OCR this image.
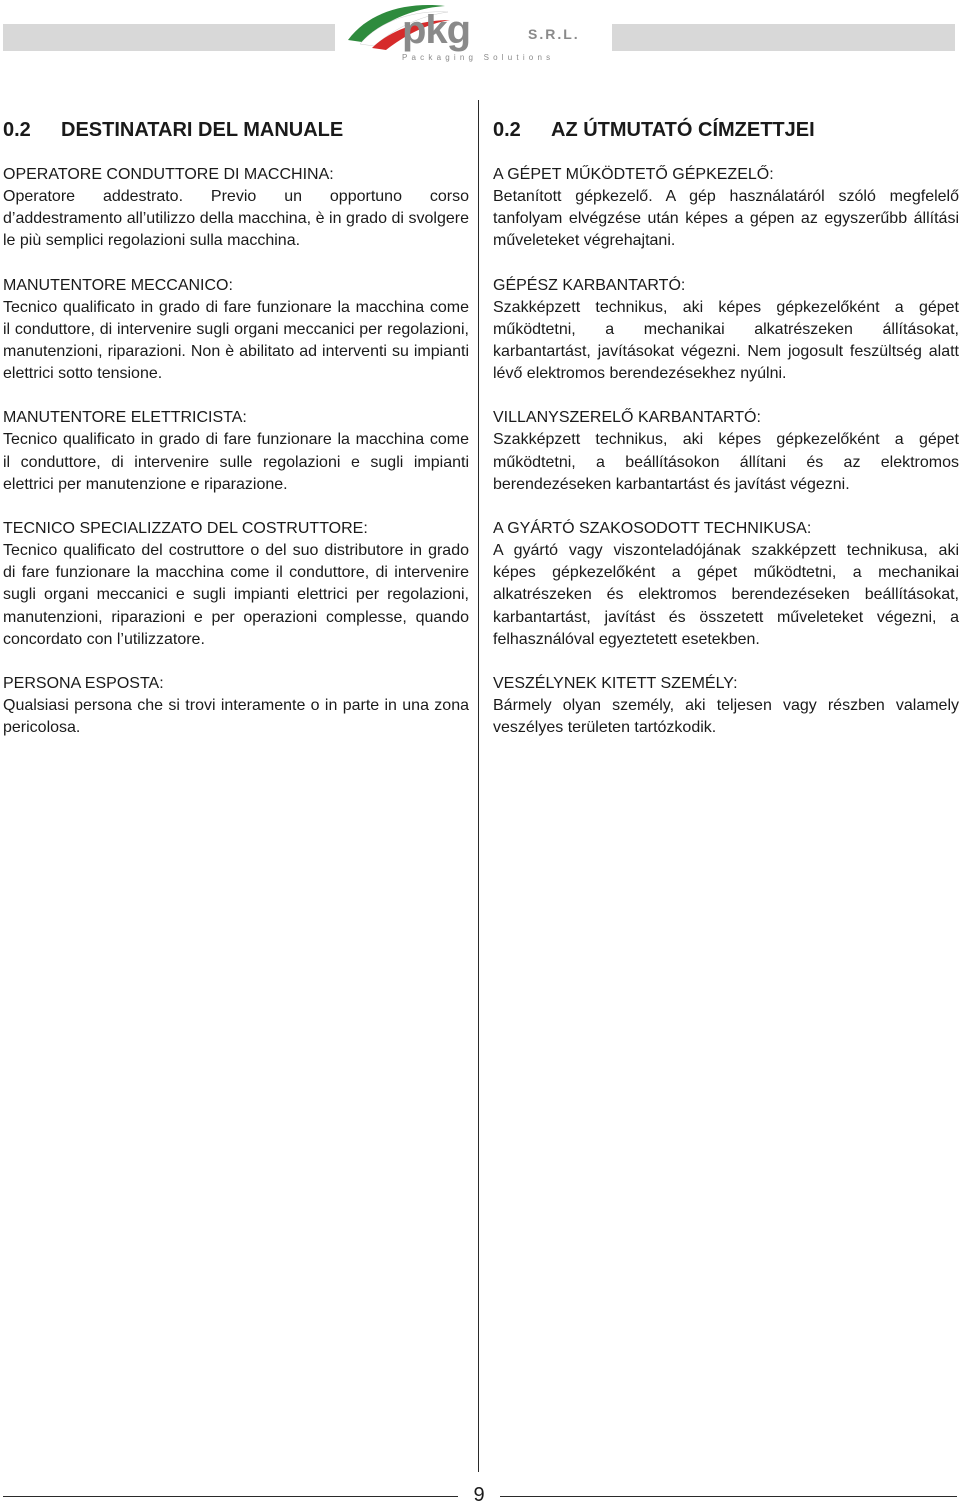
pkg	S.R.L.
Packaging Solutions
0.2 DESTINATARI DEL MANUALE

OPERATORE CONDUTTORE DI MACCHINA:

Operatore addestrato. Previo un opportuno corso d’addestramento all’utilizzo della macchina, è in grado di svolgere le più semplici regolazioni sulla macchina.

MANUTENTORE MECCANICO:

Tecnico qualificato in grado di fare funzionare la macchina come il conduttore, di intervenire sugli organi meccanici per regolazioni, manutenzioni, riparazioni. Non è abilitato ad interventi su impianti elettrici sotto tensione.

MANUTENTORE ELETTRICISTA:

Tecnico qualificato in grado di fare funzionare la macchina come il conduttore, di intervenire sulle regolazioni e sugli impianti elettrici per manutenzione e riparazione.

TECNICO SPECIALIZZATO DEL COSTRUTTORE:

Tecnico qualificato del costruttore o del suo distributore in grado di fare funzionare la macchina come il conduttore, di intervenire sugli organi meccanici e sugli impianti elettrici per regolazioni, manutenzioni, riparazioni e per operazioni complesse, quando concordato con l’utilizzatore.

PERSONA ESPOSTA:

Qualsiasi persona che si trovi interamente o in parte in una zona pericolosa.

0.2 AZ ÚTMUTATÓ CÍMZETTJEI

A GÉPET MŰKÖDTETŐ GÉPKEZELŐ:

Betanított gépkezelő. A gép használatáról szóló megfelelő tanfolyam elvégzése után képes a gépen az egyszerűbb állítási műveleteket végrehajtani.

GÉPÉSZ KARBANTARTÓ:

Szakképzett technikus, aki képes gépkezelőként a gépet működtetni, a mechanikai alkatrészeken állításokat, karbantartást, javításokat végezni. Nem jogosult feszültség alatt lévő elektromos berendezésekhez nyúlni.

VILLANYSZERELŐ KARBANTARTÓ:

Szakképzett technikus, aki képes gépkezelőként a gépet működtetni, a beállításokon állítani és az elektromos berendezéseken karbantartást és javítást végezni.

A GYÁRTÓ SZAKOSODOTT TECHNIKUSA:

A gyártó vagy viszonteladójának szakképzett technikusa, aki képes gépkezelőként a gépet működtetni, a mechanikai alkatrészeken és elektromos berendezéseken beállításokat, karbantartást, javítást és összetett műveleteket végezni, a felhasználóval egyeztetett esetekben.

VESZÉLYNEK KITETT SZEMÉLY:

Bármely olyan személy, aki teljesen vagy részben valamely veszélyes területen tartózkodik.

9
